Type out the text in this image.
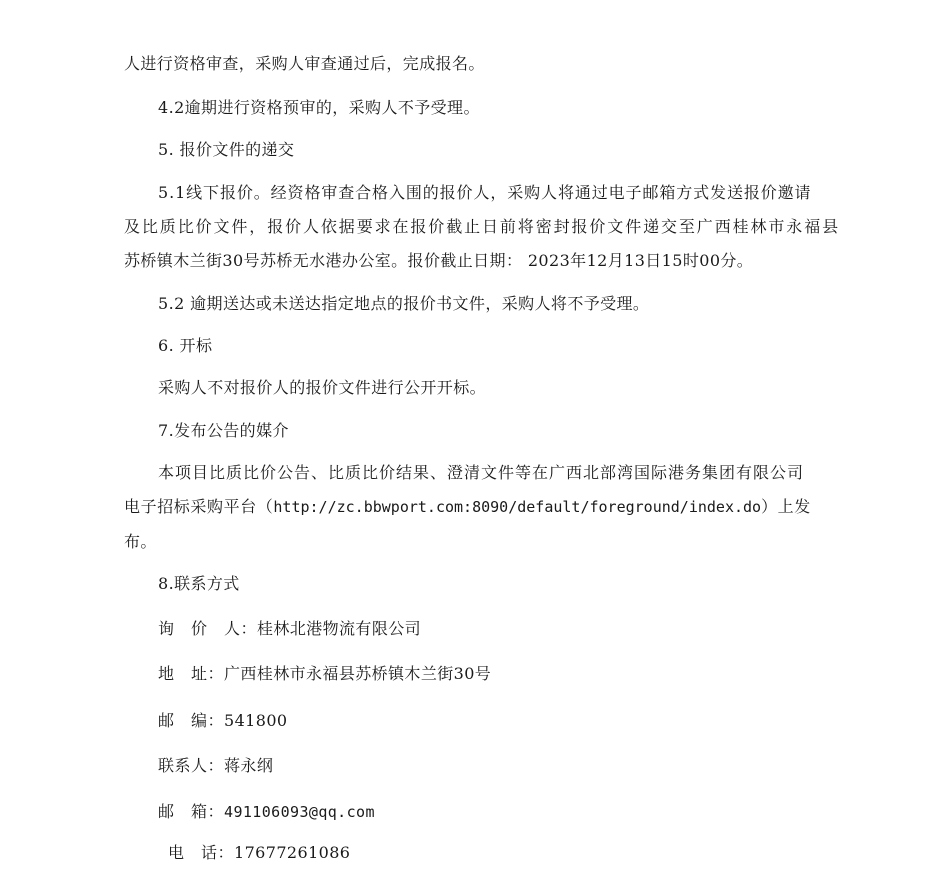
人进行资格审查，采购人审查通过后，完成报名。
4.2逾期进行资格预审的，采购人不予受理。
5. 报价文件的递交
5.1线下报价。经资格审查合格入围的报价人，采购人将通过电子邮箱方式发送报价邀请
及比质比价文件，报价人依据要求在报价截止日前将密封报价文件递交至广西桂林市永福县
苏桥镇木兰街30号苏桥无水港办公室。报价截止日期： 2023年12月13日15时00分。
5.2 逾期送达或未送达指定地点的报价书文件，采购人将不予受理。
6. 开标
采购人不对报价人的报价文件进行公开开标。
7.发布公告的媒介
本项目比质比价公告、比质比价结果、澄清文件等在广西北部湾国际港务集团有限公司
电子招标采购平台（http://zc.bbwport.com:8090/default/foreground/index.do）上发
布。
8.联系方式
询　价　人：桂林北港物流有限公司
地　址：广西桂林市永福县苏桥镇木兰街30号
邮　编：541800
联系人：蒋永纲
邮　箱：491106093@qq.com
电　话：17677261086
